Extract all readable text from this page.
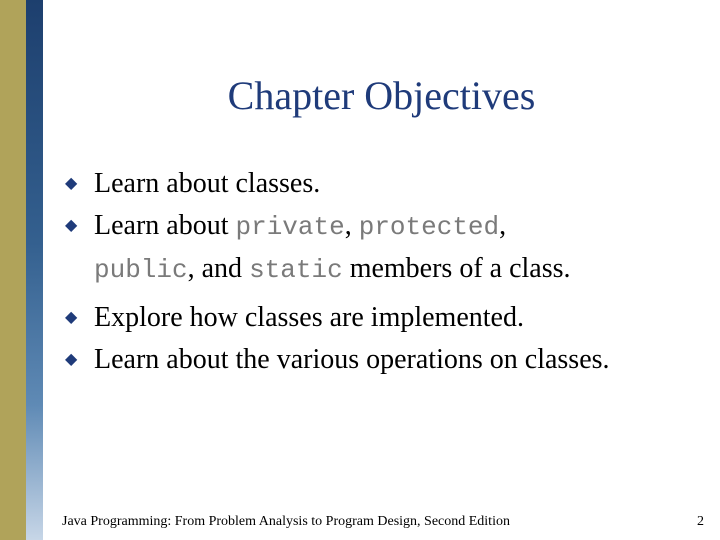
Chapter Objectives
◆ Learn about classes.
◆ Learn about private, protected,
public, and static members of a class.
◆ Explore how classes are implemented.
◆ Learn about the various operations on classes.
Java Programming: From Problem Analysis to Program Design, Second Edition	2
